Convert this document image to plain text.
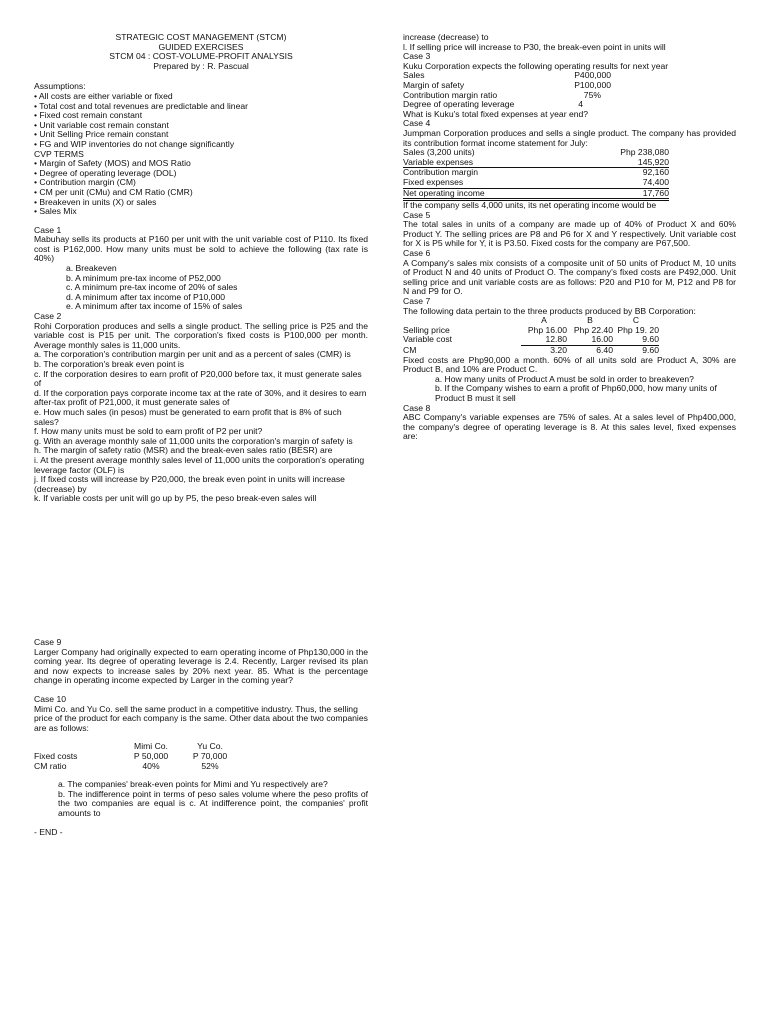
STRATEGIC COST MANAGEMENT (STCM)

GUIDED EXERCISES

STCM 04 : COST-VOLUME-PROFIT ANALYSIS

Prepared by : R. Pascual

Assumptions:

• All costs are either variable or fixed

• Total cost and total revenues are predictable and linear

• Fixed cost remain constant

• Unit variable cost remain constant

• Unit Selling Price remain constant

• FG and WIP inventories do not change significantly

CVP TERMS

• Margin of Safety (MOS) and MOS Ratio

• Degree of operating leverage (DOL)

• Contribution margin (CM)

• CM per unit (CMu) and CM Ratio (CMR)

• Breakeven in units (X) or sales

• Sales Mix

Case 1

Mabuhay sells its products at P160 per unit with the unit variable cost of P110. Its fixed cost is P162,000. How many units must be sold to achieve the following (tax rate is 40%)

a. Breakeven

b. A minimum pre-tax income of P52,000

c. A minimum pre-tax income of 20% of sales

d. A minimum after tax income of P10,000

e. A minimum after tax income of 15% of sales

Case 2

Rohi Corporation produces and sells a single product. The selling price is P25 and the variable cost is P15 per unit. The corporation's fixed costs is P100,000 per month. Average monthly sales is 11,000 units.

a. The corporation's contribution margin per unit and as a percent of sales (CMR) is

b. The corporation's break even point is

c. If the corporation desires to earn profit of P20,000 before tax, it must generate sales of

d. If the corporation pays corporate income tax at the rate of 30%, and it desires to earn after-tax profit of P21,000, it must generate sales of

e. How much sales (in pesos) must be generated to earn profit that is 8% of such sales?

f. How many units must be sold to earn profit of P2 per unit?

g. With an average monthly sale of 11,000 units the corporation's margin of safety is

h. The margin of safety ratio (MSR) and the break-even sales ratio (BESR) are

i. At the present average monthly sales level of 11,000 units the corporation's operating leverage factor (OLF) is

j. If fixed costs will increase by P20,000, the break even point in units will increase (decrease) by

k. If variable costs per unit will go up by P5, the peso break-even sales will

increase (decrease) to

l. If selling price will increase to P30, the break-even point in units will

Case 3

Kuku Corporation expects the following operating results for next year

Sales	P400,000
Margin of safety	P100,000
Contribution margin ratio	75%
Degree of operating leverage	4

What is Kuku's total fixed expenses at year end?

Case 4

Jumpman Corporation produces and sells a single product. The company has provided its contribution format income statement for July:

Sales (3,200 units)	Php 238,080
Variable expenses	145,920
Contribution margin	92,160
Fixed expenses	74,400
Net operating income	17,760

If the company sells 4,000 units, its net operating income would be

Case 5

The total sales in units of a company are made up of 40% of Product X and 60% Product Y. The selling prices are P8 and P6 for X and Y respectively. Unit variable cost for X is P5 while for Y, it is P3.50. Fixed costs for the company are P67,500.

Case 6

A Company's sales mix consists of a composite unit of 50 units of Product M, 10 units of Product N and 40 units of Product O. The company's fixed costs are P492,000. Unit selling price and unit variable costs are as follows: P20 and P10 for M, P12 and P8 for N and P9 for O.

Case 7

The following data pertain to the three products produced by BB Corporation:

	A	B	C
Selling price	Php 16.00	Php 22.40	Php 19. 20
Variable cost	12.80	16.00	9.60
CM	3.20	6.40	9.60

Fixed costs are Php90,000 a month. 60% of all units sold are Product A, 30% are Product B, and 10% are Product C.

a. How many units of Product A must be sold in order to breakeven?

b. If the Company wishes to earn a profit of Php60,000, how many units of Product B must it sell

Case 8

ABC Company's variable expenses are 75% of sales. At a sales level of Php400,000, the company's degree of operating leverage is 8. At this sales level, fixed expenses are:

Case 9

Larger Company had originally expected to earn operating income of Php130,000 in the coming year. Its degree of operating leverage is 2.4. Recently, Larger revised its plan and now expects to increase sales by 20% next year. 85. What is the percentage change in operating income expected by Larger in the coming year?

Case 10

Mimi Co. and Yu Co. sell the same product in a competitive industry. Thus, the selling price of the product for each company is the same. Other data about the two companies are as follows:

	Mimi Co.	Yu Co.
Fixed costs	P 50,000	P 70,000
CM ratio	40%	52%

a. The companies' break-even points for Mimi and Yu respectively are?

b. The indifference point in terms of peso sales volume where the peso profits of the two companies are equal is c. At indifference point, the companies' profit amounts to

- END -
